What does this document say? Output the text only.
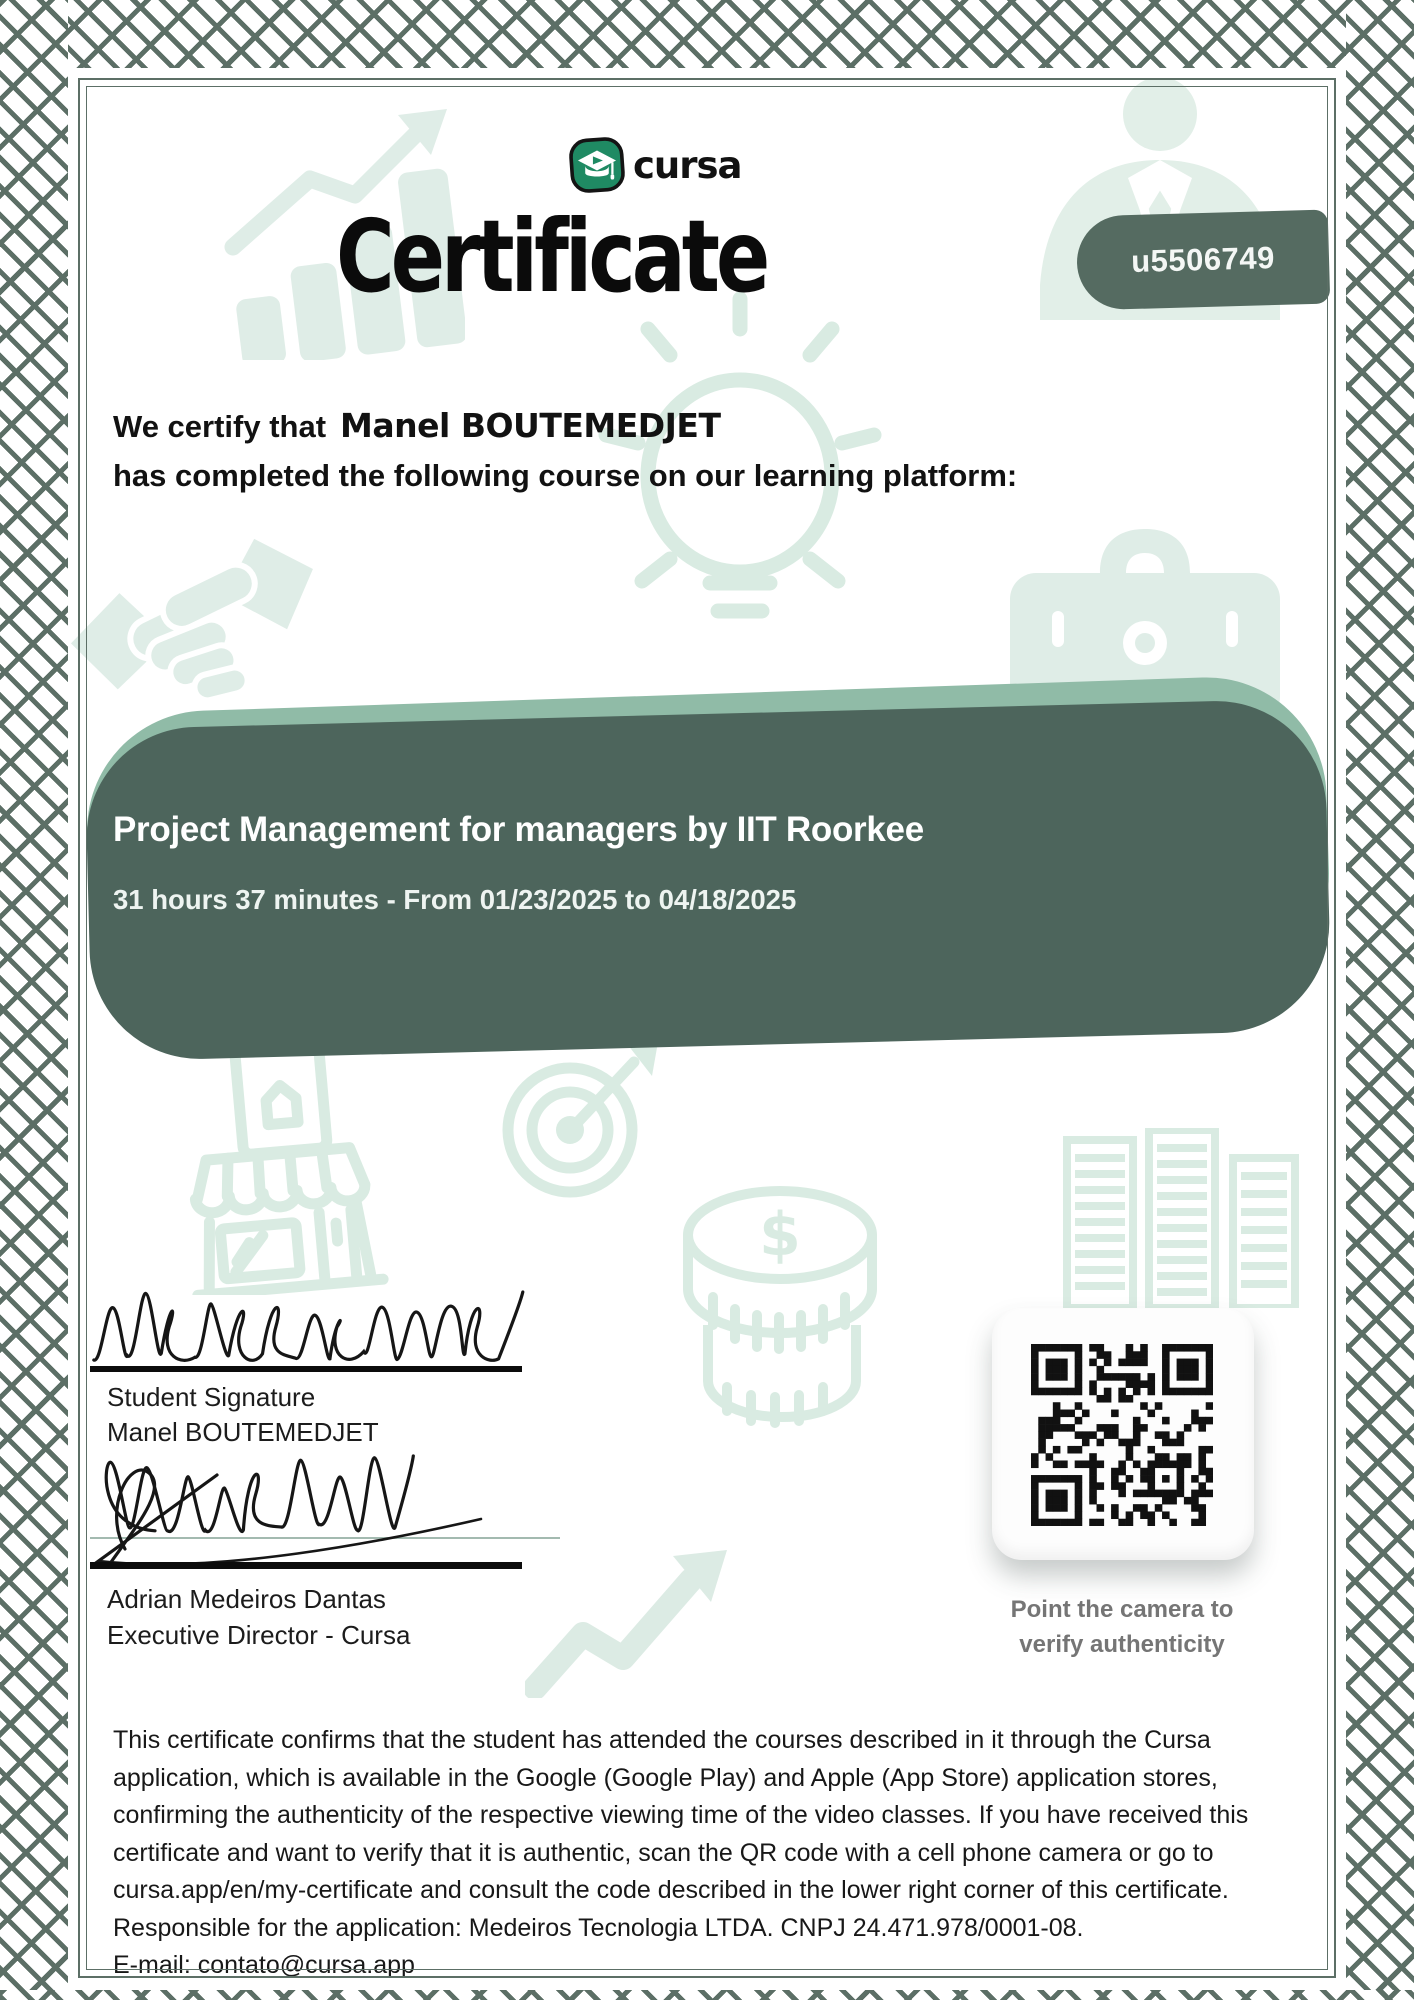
$
cursa
Certificate	u5506749
We certify that Manel BOUTEMEDJET
has completed the following course on our learning platform:
Project Management for managers by IIT Roorkee
31 hours 37 minutes - From 01/23/2025 to 04/18/2025
Student Signature
Manel BOUTEMEDJET
Adrian Medeiros Dantas
Executive Director - Cursa
Point the camera to
verify authenticity
This certificate confirms that the student has attended the courses described in it through the Cursa application, which is available in the Google (Google Play) and Apple (App Store) application stores, confirming the authenticity of the respective viewing time of the video classes. If you have received this certificate and want to verify that it is authentic, scan the QR code with a cell phone camera or go to cursa.app/en/my-certificate and consult the code described in the lower right corner of this certificate. Responsible for the application: Medeiros Tecnologia LTDA. CNPJ 24.471.978/0001-08.
E-mail: contato@cursa.app
